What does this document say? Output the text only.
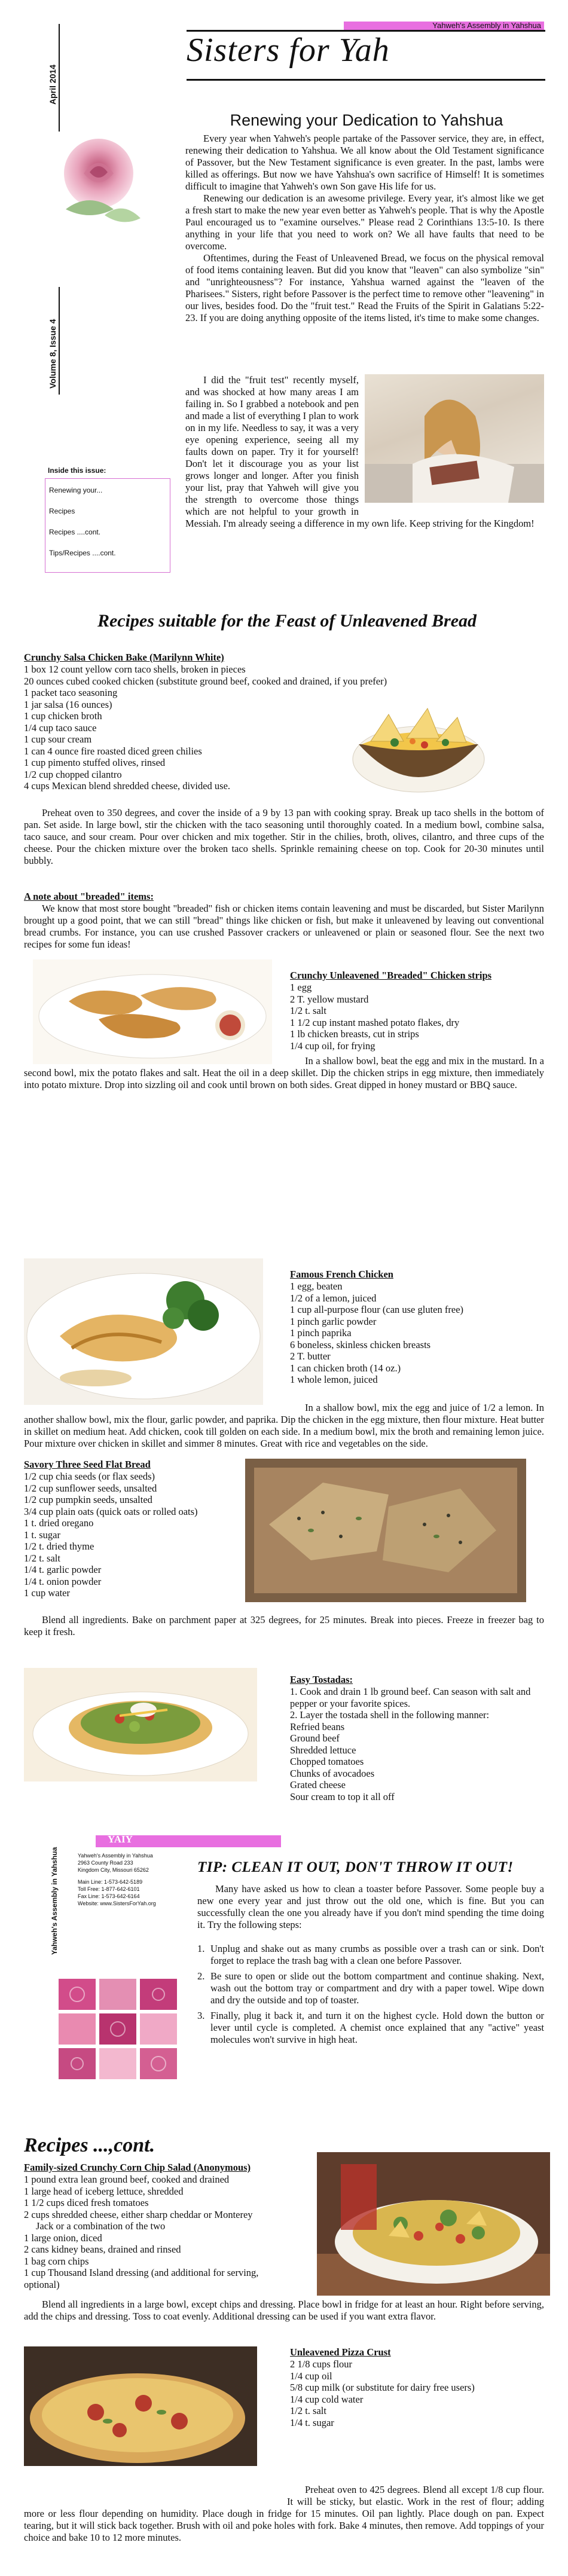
Yahweh's Assembly in Yahshua
Sisters for Yah
April 2014
Volume 8, Issue 4
Inside this issue:
Renewing your...
Recipes
Recipes ....cont.
Tips/Recipes ....cont.
Renewing your Dedication to Yahshua

Every year when Yahweh's people partake of the Passover service, they are, in effect, renewing their dedication to Yahshua. We all know about the Old Testament significance of Passover, but the New Testament significance is even greater. In the past, lambs were killed as offerings. But now we have Yahshua's own sacrifice of Himself! It is sometimes difficult to imagine that Yahweh's own Son gave His life for us.

Renewing our dedication is an awesome privilege. Every year, it's almost like we get a fresh start to make the new year even better as Yahweh's people. That is why the Apostle Paul encouraged us to "examine ourselves." Please read 2 Corinthians 13:5-10. Is there anything in your life that you need to work on? We all have faults that need to be overcome.

Oftentimes, during the Feast of Unleavened Bread, we focus on the physical removal of food items containing leaven. But did you know that "leaven" can also symbolize "sin" and "unrighteousness"? For instance, Yahshua warned against the "leaven of the Pharisees." Sisters, right before Passover is the perfect time to remove other "leavening" in our lives, besides food. Do the "fruit test." Read the Fruits of the Spirit in Galatians 5:22-23. If you are doing anything opposite of the items listed, it's time to make some changes.

I did the "fruit test" recently myself, and was shocked at how many areas I am failing in. So I grabbed a notebook and pen and made a list of everything I plan to work on in my life. Needless to say, it was a very eye opening experience, seeing all my faults down on paper. Try it for yourself! Don't let it discourage you as your list grows longer and longer. After you finish your list, pray that Yahweh will give you the strength to overcome those things which are not helpful to your growth in Messiah. I'm already seeing a difference in my own life. Keep striving for the Kingdom!

Recipes suitable for the Feast of Unleavened Bread
Crunchy Salsa Chicken Bake (Marilynn White)
1 box 12 count yellow corn taco shells, broken in pieces
20 ounces cubed cooked chicken (substitute ground beef, cooked and drained, if you prefer)
1 packet taco seasoning
1 jar salsa (16 ounces)
1 cup chicken broth
1/4 cup taco sauce
1 cup sour cream
1 can 4 ounce fire roasted diced green chilies
1 cup pimento stuffed olives, rinsed
1/2 cup chopped cilantro
4 cups Mexican blend shredded cheese, divided use.
Preheat oven to 350 degrees, and cover the inside of a 9 by 13 pan with cooking spray. Break up taco shells in the bottom of pan. Set aside. In large bowl, stir the chicken with the taco seasoning until thoroughly coated. In a medium bowl, combine salsa, taco sauce, and sour cream. Pour over chicken and mix together. Stir in the chilies, broth, olives, cilantro, and three cups of the cheese. Pour the chicken mixture over the broken taco shells. Sprinkle remaining cheese on top. Cook for 20-30 minutes until bubbly.
A note about "breaded" items:
We know that most store bought "breaded" fish or chicken items contain leavening and must be discarded, but Sister Marilynn brought up a good point, that we can still "bread" things like chicken or fish, but make it unleavened by leaving out conventional bread crumbs. For instance, you can use crushed Passover crackers or unleavened or plain or seasoned flour. See the next two recipes for some fun ideas!
Crunchy Unleavened "Breaded" Chicken strips
1 egg
2 T. yellow mustard
1/2 t. salt
1 1/2 cup instant mashed potato flakes, dry
1 lb chicken breasts, cut in strips
1/4 cup oil, for frying

In a shallow bowl, beat the egg and mix in the mustard. In a second bowl, mix the potato flakes and salt. Heat the oil in a deep skillet. Dip the chicken strips in egg mixture, then immediately into potato mixture. Drop into sizzling oil and cook until brown on both sides. Great dipped in honey mustard or BBQ sauce.

Famous French Chicken
1 egg, beaten
1/2 of a lemon, juiced
1 cup all-purpose flour (can use gluten free)
1 pinch garlic powder
1 pinch paprika
6 boneless, skinless chicken breasts
2 T. butter
1 can chicken broth (14 oz.)
1 whole lemon, juiced

In a shallow bowl, mix the egg and juice of 1/2 a lemon. In another shallow bowl, mix the flour, garlic powder, and paprika. Dip the chicken in the egg mixture, then flour mixture. Heat butter in skillet on medium heat. Add chicken, cook till golden on each side. In a medium bowl, mix the broth and remaining lemon juice. Pour mixture over chicken in skillet and simmer 8 minutes. Great with rice and vegetables on the side.

Savory Three Seed Flat Bread
1/2 cup chia seeds (or flax seeds)
1/2 cup sunflower seeds, unsalted
1/2 cup pumpkin seeds, unsalted
3/4 cup plain oats (quick oats or rolled oats)
1 t. dried oregano
1 t. sugar
1/2 t. dried thyme
1/2 t. salt
1/4 t. garlic powder
1/4 t. onion powder
1 cup water
Blend all ingredients. Bake on parchment paper at 325 degrees, for 25 minutes. Break into pieces. Freeze in freezer bag to keep it fresh.
Easy Tostadas:
1. Cook and drain 1 lb ground beef. Can season with salt and pepper or your favorite spices.
2. Layer the tostada shell in the following manner:
Refried beans
Ground beef
Shredded lettuce
Chopped tomatoes
Chunks of avocadoes
Grated cheese
Sour cream to top it all off
Yahweh's Assembly in Yahshua
YAIY
Yahweh's Assembly in Yahshua
2963 County Road 233
Kingdom City, Missouri 65262
Main Line: 1-573-642-5189
Toll Free: 1-877-642-6101
Fax Line: 1-573-642-6164
Website: www.SistersForYah.org
TIP: CLEAN IT OUT, DON'T THROW IT OUT!
Many have asked us how to clean a toaster before Passover. Some people buy a new one every year and just throw out the old one, which is fine. But you can successfully clean the one you already have if you don't mind spending the time doing it. Try the following steps:
1. Unplug and shake out as many crumbs as possible over a trash can or sink. Don't forget to replace the trash bag with a clean one before Passover.
2. Be sure to open or slide out the bottom compartment and continue shaking. Next, wash out the bottom tray or compartment and dry with a paper towel. Wipe down and dry the outside and top of toaster.
3. Finally, plug it back it, and turn it on the highest cycle. Hold down the button or lever until cycle is completed. A chemist once explained that any "active" yeast molecules won't survive in high heat.
Recipes ...,cont.
Family-sized Crunchy Corn Chip Salad (Anonymous)
1 pound extra lean ground beef, cooked and drained
1 large head of iceberg lettuce, shredded
1 1/2 cups diced fresh tomatoes
2 cups shredded cheese, either sharp cheddar or Monterey
Jack or a combination of the two
1 large onion, diced
2 cans kidney beans, drained and rinsed
1 bag corn chips
1 cup Thousand Island dressing (and additional for serving, optional)
Blend all ingredients in a large bowl, except chips and dressing. Place bowl in fridge for at least an hour. Right before serving, add the chips and dressing. Toss to coat evenly. Additional dressing can be used if you want extra flavor.
Unleavened Pizza Crust
2 1/8 cups flour
1/4 cup oil
5/8 cup milk (or substitute for dairy free users)
1/4 cup cold water
1/2 t. salt
1/4 t. sugar

Preheat oven to 425 degrees. Blend all except 1/8 cup flour. It will be sticky, but elastic. Work in the rest of flour; adding more or less flour depending on humidity. Place dough in fridge for 15 minutes. Oil pan lightly. Place dough on pan. Expect tearing, but it will stick back together. Brush with oil and poke holes with fork. Bake 4 minutes, then remove. Add toppings of your choice and bake 10 to 12 more minutes.
